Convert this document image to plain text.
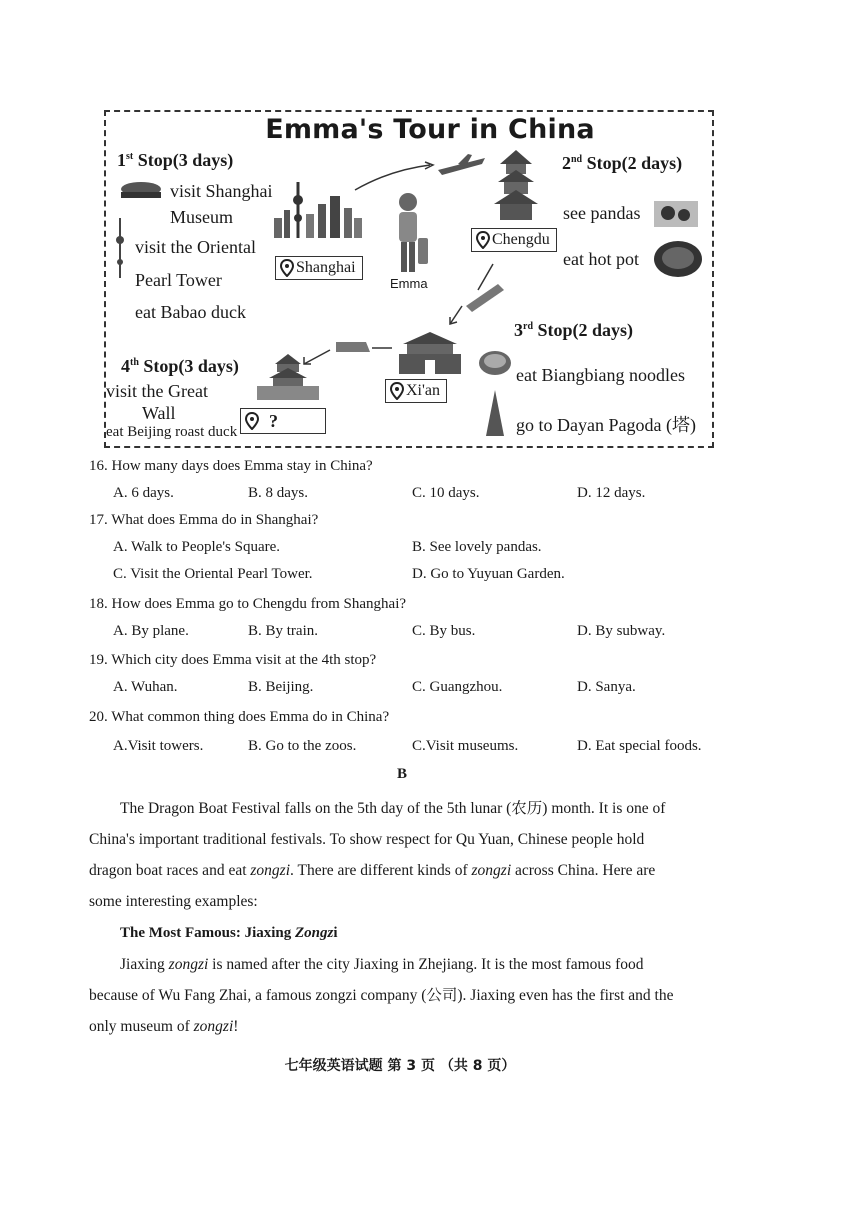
Emma's Tour in China
1st Stop(3 days)
visit Shanghai
Museum
visit the Oriental
Pearl Tower
eat Babao duck
Shanghai
Emma
Chengdu
2nd Stop(2 days)
see pandas
eat hot pot
3rd Stop(2 days)
eat Biangbiang noodles
go to Dayan Pagoda (塔)
Xi'an
4th Stop(3 days)
visit the Great
Wall
eat Beijing roast duck
?
16. How many days does Emma stay in China?
A. 6 days.	B. 8 days.	C. 10 days.	D. 12 days.
17. What does Emma do in Shanghai?
A. Walk to People's Square.	B. See lovely pandas.
C. Visit the Oriental Pearl Tower.	D. Go to Yuyuan Garden.
18. How does Emma go to Chengdu from Shanghai?
A. By plane.	B. By train.	C. By bus.	D. By subway.
19. Which city does Emma visit at the 4th stop?
A. Wuhan.	B. Beijing.	C. Guangzhou.	D. Sanya.
20. What common thing does Emma do in China?
A.Visit towers.	B. Go to the zoos.	C.Visit museums.	D. Eat special foods.
B
The Dragon Boat Festival falls on the 5th day of the 5th lunar (农历) month. It is one of
China's important traditional festivals. To show respect for Qu Yuan, Chinese people hold
dragon boat races and eat zongzi. There are different kinds of zongzi across China. Here are
some interesting examples:
The Most Famous: Jiaxing Zongzi
Jiaxing zongzi is named after the city Jiaxing in Zhejiang. It is the most famous food
because of Wu Fang Zhai, a famous zongzi company (公司). Jiaxing even has the first and the
only museum of zongzi!
七年级英语试题 第 3 页 （共 8 页）
